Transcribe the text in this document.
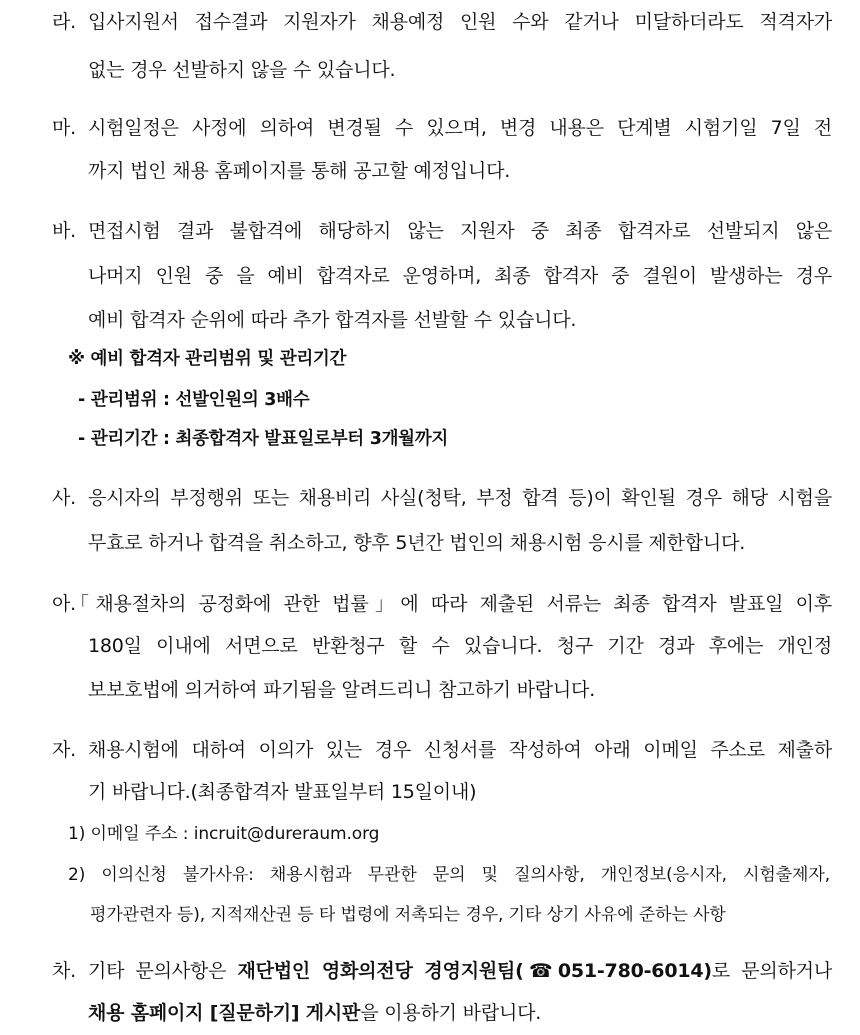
라. 입사지원서 접수결과 지원자가 채용예정 인원 수와 같거나 미달하더라도 적격자가
없는 경우 선발하지 않을 수 있습니다.
마. 시험일정은 사정에 의하여 변경될 수 있으며, 변경 내용은 단계별 시험기일 7일 전
까지 법인 채용 홈페이지를 통해 공고할 예정입니다.
바. 면접시험 결과 불합격에 해당하지 않는 지원자 중 최종 합격자로 선발되지 않은
나머지 인원 중 을 예비 합격자로 운영하며, 최종 합격자 중 결원이 발생하는 경우
예비 합격자 순위에 따라 추가 합격자를 선발할 수 있습니다.
※ 예비 합격자 관리범위 및 관리기간
- 관리범위 : 선발인원의 3배수
- 관리기간 : 최종합격자 발표일로부터 3개월까지
사. 응시자의 부정행위 또는 채용비리 사실(청탁, 부정 합격 등)이 확인될 경우 해당 시험을
무효로 하거나 합격을 취소하고, 향후 5년간 법인의 채용시험 응시를 제한합니다.
아.
「채용절차의 공정화에 관한 법률」에 따라 제출된 서류는 최종 합격자 발표일 이후
180일 이내에 서면으로 반환청구 할 수 있습니다. 청구 기간 경과 후에는 개인정
보보호법에 의거하여 파기됨을 알려드리니 참고하기 바랍니다.
자. 채용시험에 대하여 이의가 있는 경우 신청서를 작성하여 아래 이메일 주소로 제출하
기 바랍니다.(최종합격자 발표일부터 15일이내)
1) 이메일 주소 : incruit@dureraum.org
2) 이의신청 불가사유: 채용시험과 무관한 문의 및 질의사항, 개인정보(응시자, 시험출제자,
평가관련자 등), 지적재산권 등 타 법령에 저촉되는 경우, 기타 상기 사유에 준하는 사항
차. 기타 문의사항은 재단법인 영화의전당 경영지원팀(☎051-780-6014)로 문의하거나
채용 홈페이지 [질문하기] 게시판을 이용하기 바랍니다.
